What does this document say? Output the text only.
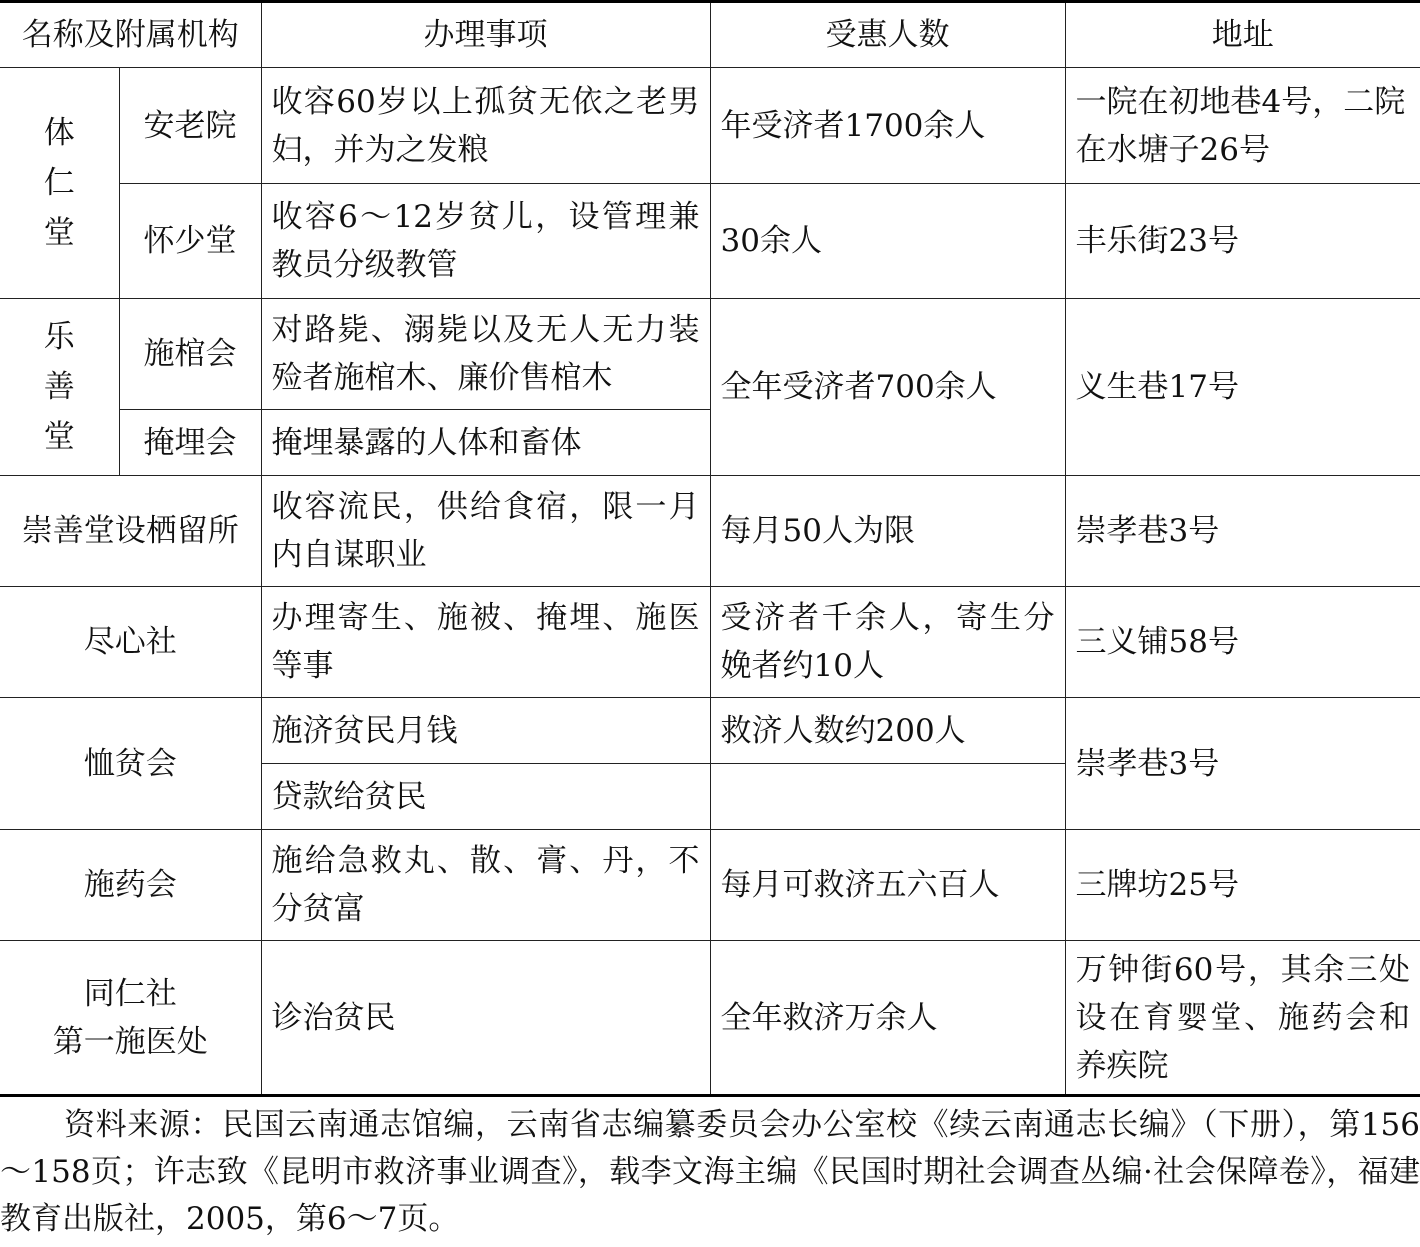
名称及附属机构		办理事项	受惠人数	地址

体
仁
堂	安老院	收容60岁以上孤贫无依之老男妇，并为之发粮	年受济者1700余人	一院在初地巷4号，二院在水塘子26号
	怀少堂	收容6～12岁贫儿，设管理兼教员分级教管	30余人	丰乐街23号

乐
善
堂	施棺会	对路毙、溺毙以及无人无力装殓者施棺木、廉价售棺木	全年受济者700余人	义生巷17号
	掩埋会	掩埋暴露的人体和畜体		
崇善堂设栖留所		收容流民，供给食宿，限一月内自谋职业	每月50人为限	崇孝巷3号
尽心社		办理寄生、施被、掩埋、施医等事	受济者千余人，寄生分娩者约10人	三义铺58号
恤贫会		施济贫民月钱	救济人数约200人	崇孝巷3号
		贷款给贫民		
施药会		施给急救丸、散、膏、丹，不分贫富	每月可救济五六百人	三牌坊25号

同仁社
第一施医处		诊治贫民	全年救济万余人	万钟街60号，其余三处设在育婴堂、施药会和养疾院

资料来源：民国云南通志馆编，云南省志编纂委员会办公室校《续云南通志长编》（下册），第156～158页；许志致《昆明市救济事业调查》，载李文海主编《民国时期社会调查丛编·社会保障卷》，福建教育出版社，2005，第6～7页。
